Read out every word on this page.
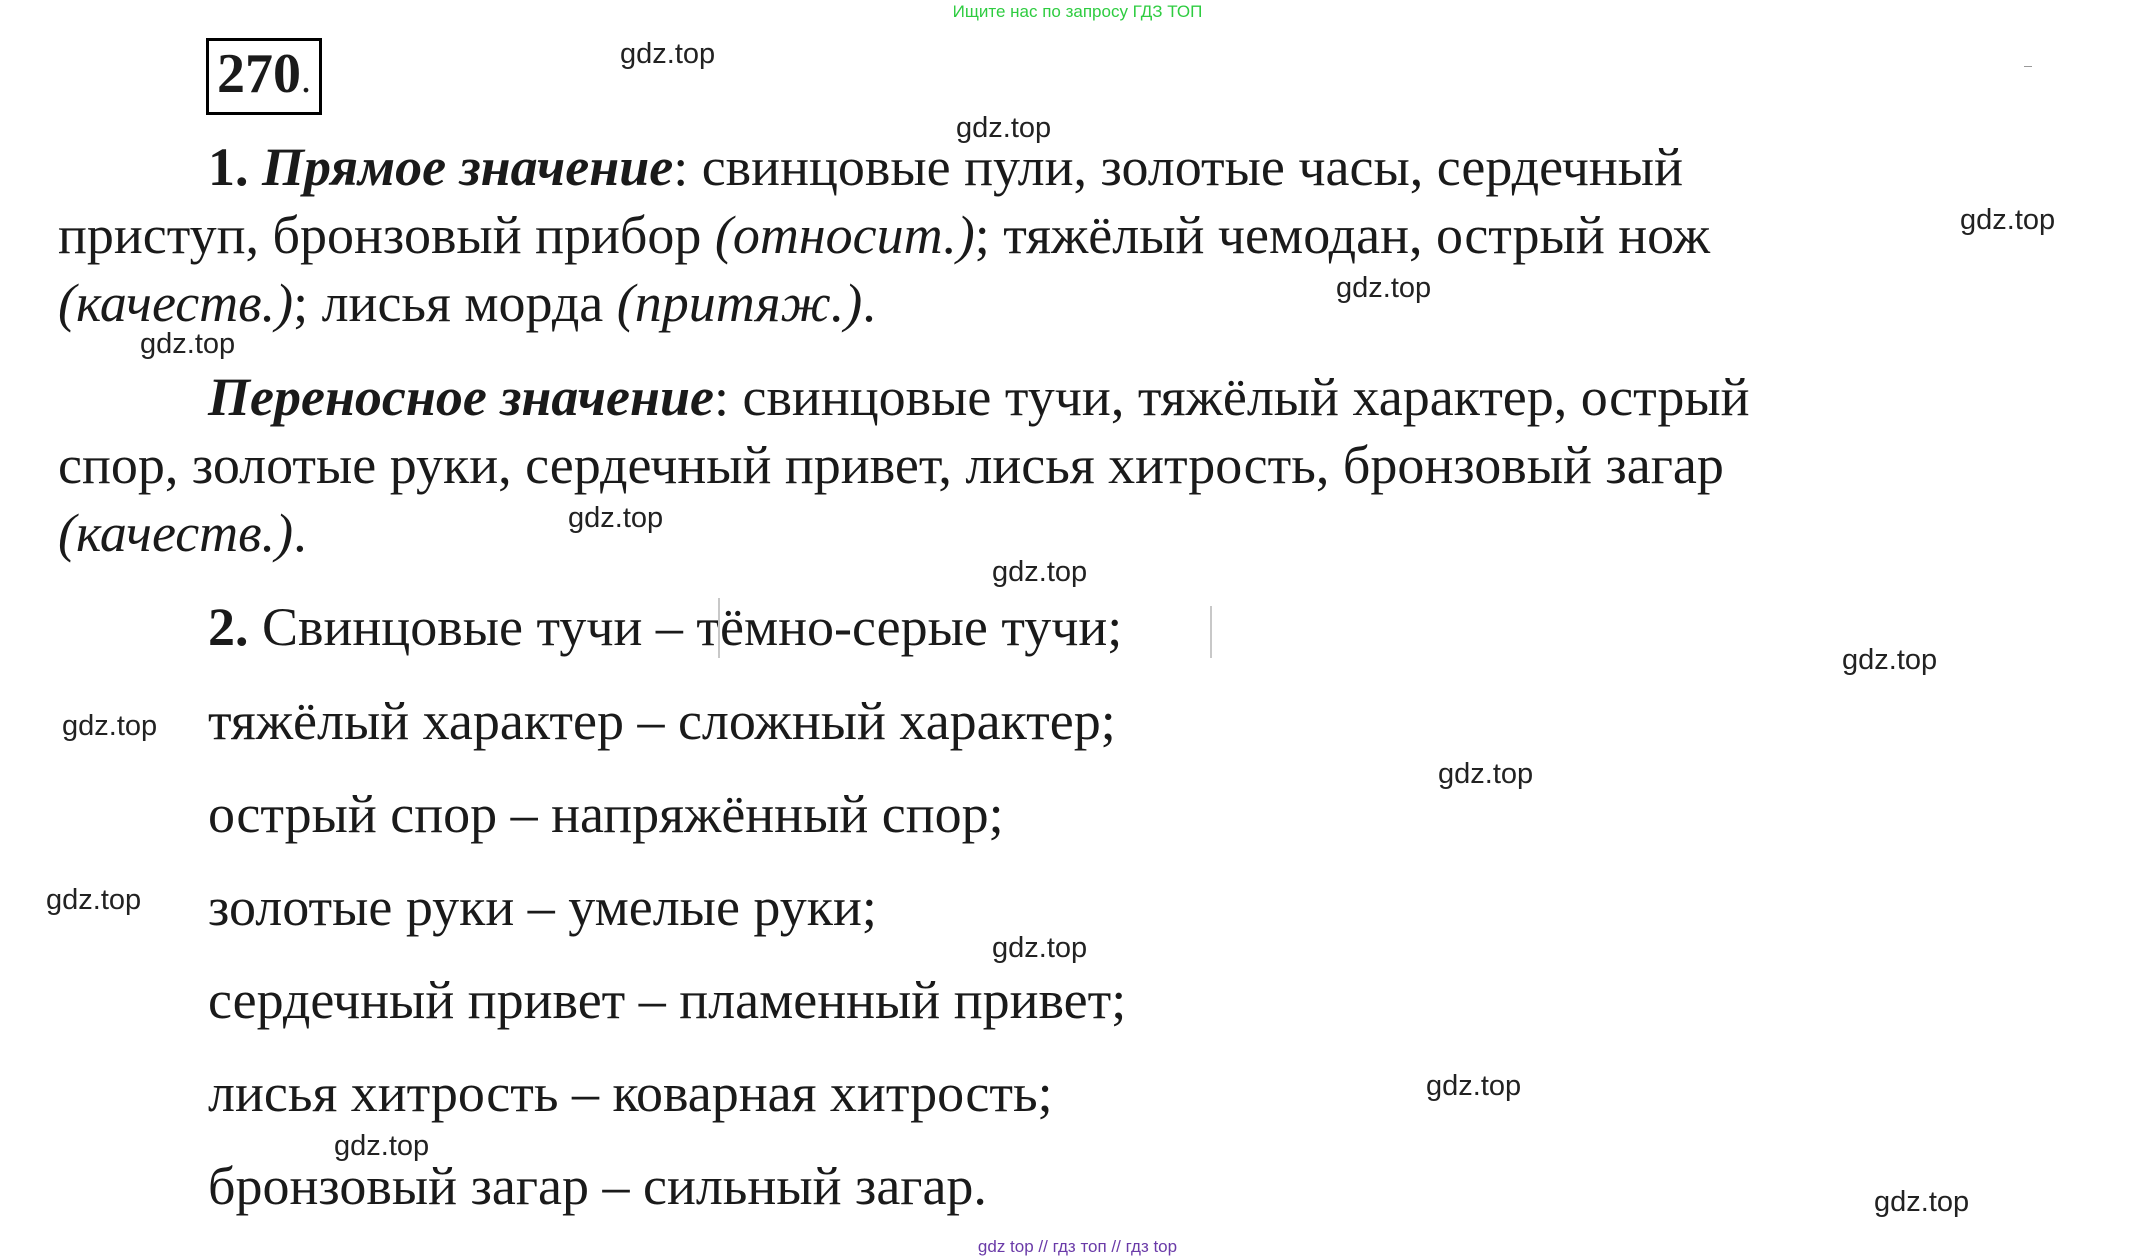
Ищите нас по запросу ГДЗ ТОП
270.
1. Прямое значение: свинцовые пули, золотые часы, сердечный
приступ, бронзовый прибор (относит.); тяжёлый чемодан, острый нож
(качеств.); лисья морда (притяж.).
Переносное значение: свинцовые тучи, тяжёлый характер, острый
спор, золотые руки, сердечный привет, лисья хитрость, бронзовый загар
(качеств.).
2. Свинцовые тучи – тёмно-серые тучи;
тяжёлый характер – сложный характер;
острый спор – напряжённый спор;
золотые руки – умелые руки;
сердечный привет – пламенный привет;
лисья хитрость – коварная хитрость;
бронзовый загар – сильный загар.
gdz.top
gdz.top
gdz.top
gdz.top
gdz.top
gdz.top
gdz.top
gdz.top
gdz.top
gdz.top
gdz.top
gdz.top
gdz.top
gdz.top
gdz.top
gdz top // гдз топ // гдз top
